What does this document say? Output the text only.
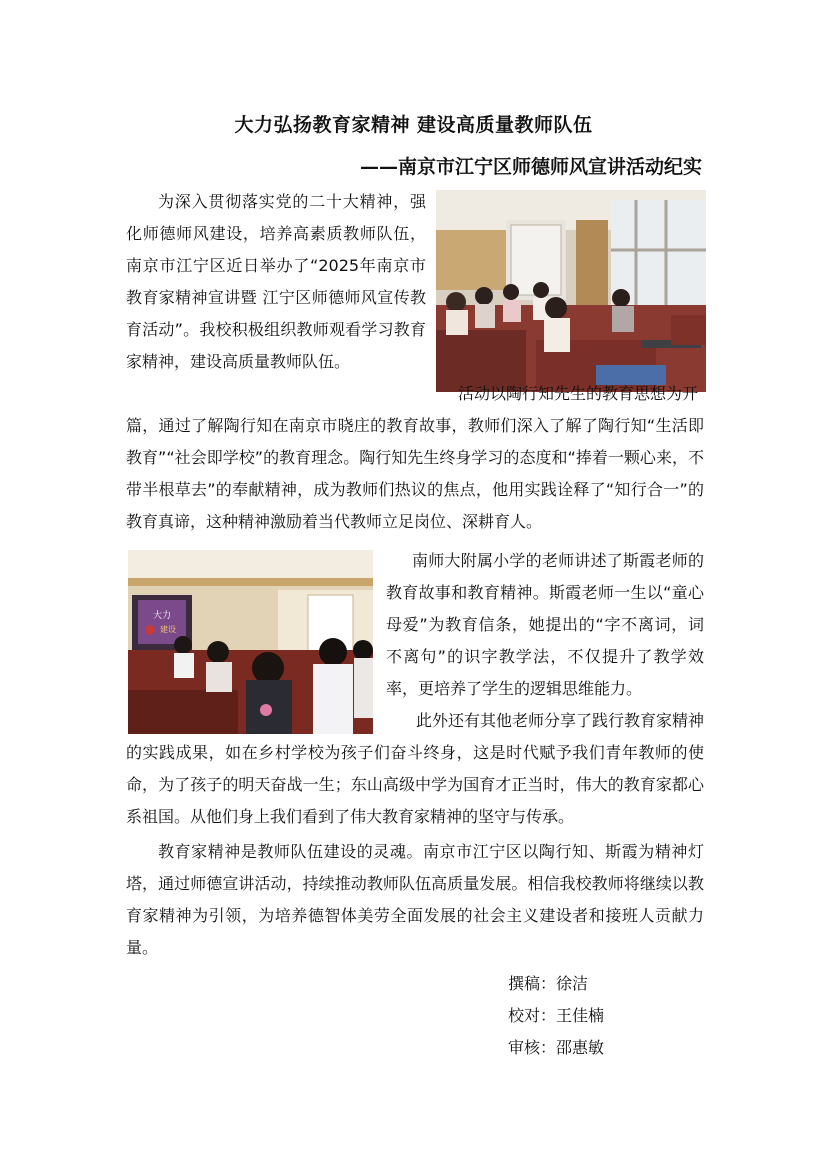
大力弘扬教育家精神 建设高质量教师队伍
——南京市江宁区师德师风宣讲活动纪实
为深入贯彻落实党的二十大精神，强化师德师风建设，培养高素质教师队伍，南京市江宁区近日举办了“2025年南京市教育家精神宣讲暨 江宁区师德师风宣传教育活动”。我校积极组织教师观看学习教育家精神，建设高质量教师队伍。
活动以陶行知先生的教育思想为开
篇，通过了解陶行知在南京市晓庄的教育故事，教师们深入了解了陶行知“生活即教育”“社会即学校”的教育理念。陶行知先生终身学习的态度和“捧着一颗心来，不带半根草去”的奉献精神，成为教师们热议的焦点，他用实践诠释了“知行合一”的教育真谛，这种精神激励着当代教师立足岗位、深耕育人。
大力
建设
南师大附属小学的老师讲述了斯霞老师的教育故事和教育精神。斯霞老师一生以“童心母爱”为教育信条，她提出的“字不离词，词不离句”的识字教学法，不仅提升了教学效率，更培养了学生的逻辑思维能力。
此外还有其他老师分享了践行教育家精神的实践成果，如在乡村学校为孩子们奋斗终身，这是时代赋予我们青年教师的使命，为了孩子的明天奋战一生；东山高级中学为国育才正当时，伟大的教育家都心系祖国。从他们身上我们看到了伟大教育家精神的坚守与传承。
教育家精神是教师队伍建设的灵魂。南京市江宁区以陶行知、斯霞为精神灯塔，通过师德宣讲活动，持续推动教师队伍高质量发展。相信我校教师将继续以教育家精神为引领，为培养德智体美劳全面发展的社会主义建设者和接班人贡献力量。
撰稿：徐洁
校对：王佳楠
审核：邵惠敏
